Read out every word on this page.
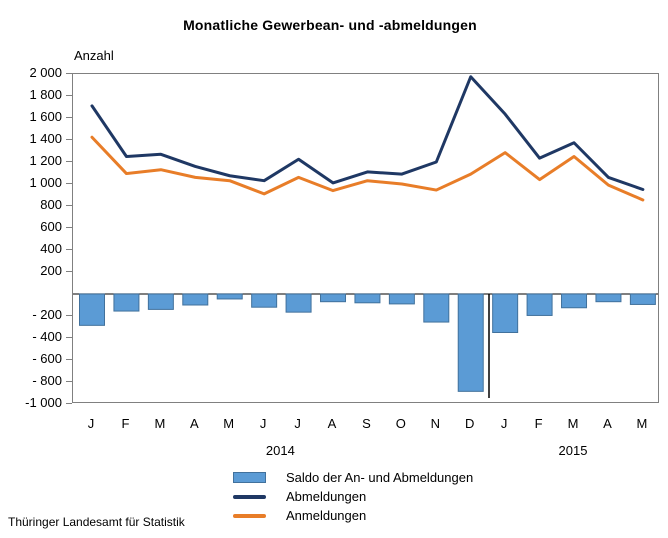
Monatliche Gewerbean- und -abmeldungen
Anzahl
2 000
1 800
1 600
1 400
1 200
1 000
800
600
400
200
- 200
- 400
- 600
- 800
-1 000
J	F	M	A	M	J	J	A	S	O	N	D	J	F	M	A	M
2014	2015
Saldo der An- und Abmeldungen
Abmeldungen
Anmeldungen
Thüringer Landesamt für Statistik
